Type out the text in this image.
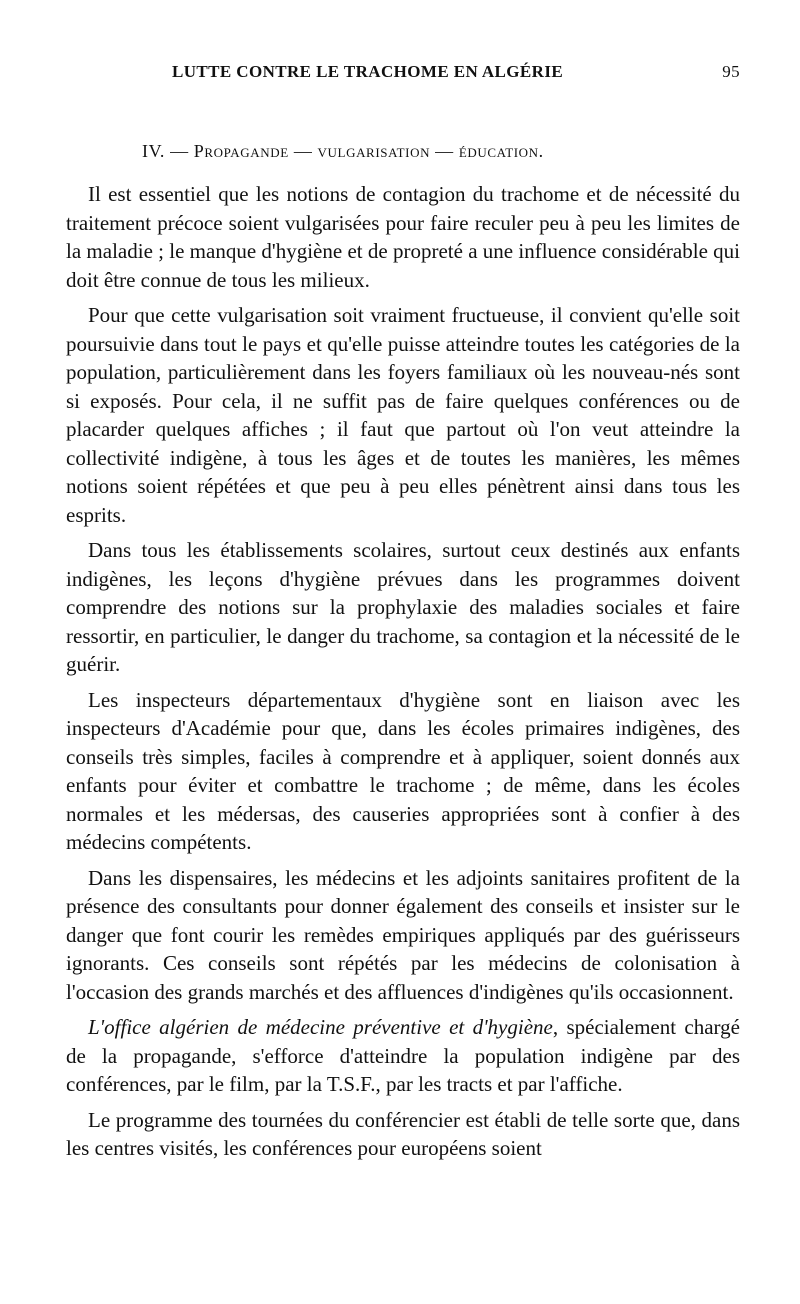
LUTTE CONTRE LE TRACHOME EN ALGÉRIE	95
IV. — Propagande — vulgarisation — éducation.

Il est essentiel que les notions de contagion du trachome et de nécessité du traitement précoce soient vulgarisées pour faire reculer peu à peu les limites de la maladie ; le manque d'hygiène et de propreté a une influence considérable qui doit être connue de tous les milieux.

Pour que cette vulgarisation soit vraiment fructueuse, il convient qu'elle soit poursuivie dans tout le pays et qu'elle puisse atteindre toutes les catégories de la population, particulièrement dans les foyers familiaux où les nouveau-nés sont si exposés. Pour cela, il ne suffit pas de faire quelques conférences ou de placarder quelques affiches ; il faut que partout où l'on veut atteindre la collectivité indigène, à tous les âges et de toutes les manières, les mêmes notions soient répétées et que peu à peu elles pénètrent ainsi dans tous les esprits.

Dans tous les établissements scolaires, surtout ceux destinés aux enfants indigènes, les leçons d'hygiène prévues dans les programmes doivent comprendre des notions sur la prophylaxie des maladies sociales et faire ressortir, en particulier, le danger du trachome, sa contagion et la nécessité de le guérir.

Les inspecteurs départementaux d'hygiène sont en liaison avec les inspecteurs d'Académie pour que, dans les écoles primaires indigènes, des conseils très simples, faciles à comprendre et à appliquer, soient donnés aux enfants pour éviter et combattre le trachome ; de même, dans les écoles normales et les médersas, des causeries appropriées sont à confier à des médecins compétents.

Dans les dispensaires, les médecins et les adjoints sanitaires profitent de la présence des consultants pour donner également des conseils et insister sur le danger que font courir les remèdes empiriques appliqués par des guérisseurs ignorants. Ces conseils sont répétés par les médecins de colonisation à l'occasion des grands marchés et des affluences d'indigènes qu'ils occasionnent.

L'office algérien de médecine préventive et d'hygiène, spécialement chargé de la propagande, s'efforce d'atteindre la population indigène par des conférences, par le film, par la T.S.F., par les tracts et par l'affiche.

Le programme des tournées du conférencier est établi de telle sorte que, dans les centres visités, les conférences pour européens soient
